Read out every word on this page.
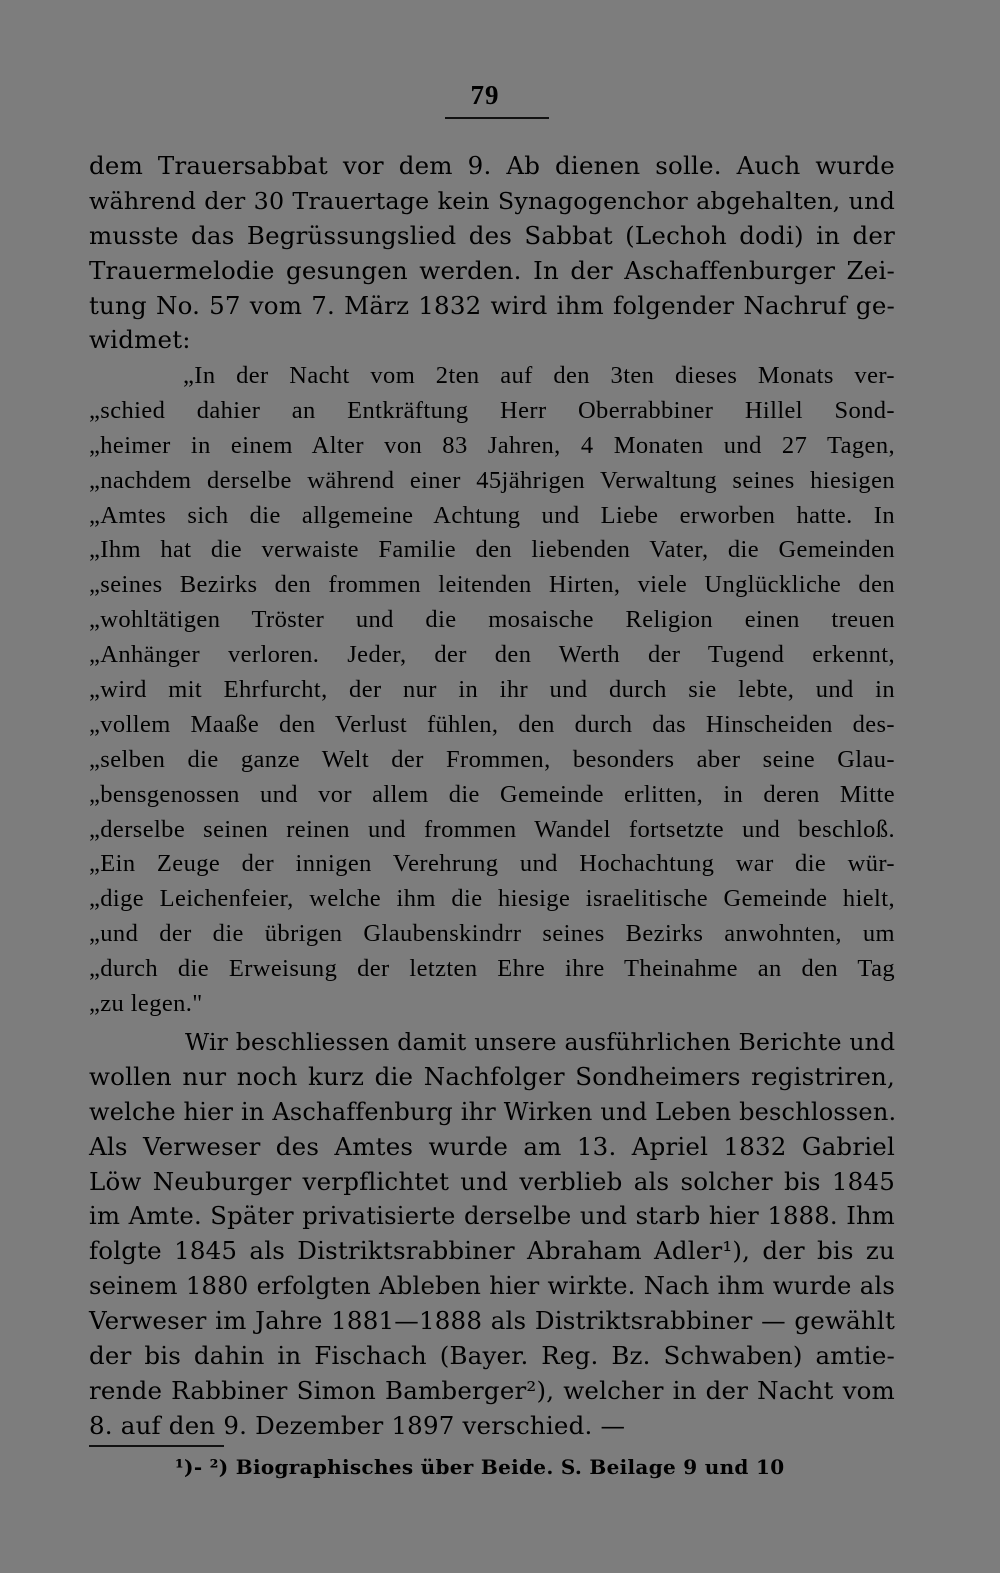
79
dem Trauersabbat vor dem 9. Ab dienen solle. Auch wurde
während der 30 Trauertage kein Synagogenchor abgehalten, und
musste das Begrüssungslied des Sabbat (Lechoh dodi) in der
Trauermelodie gesungen werden. In der Aschaffenburger Zei-
tung No. 57 vom 7. März 1832 wird ihm folgender Nachruf ge-
widmet:
„In der Nacht vom 2ten auf den 3ten dieses Monats ver-
„schied dahier an Entkräftung Herr Oberrabbiner Hillel Sond-
„heimer in einem Alter von 83 Jahren, 4 Monaten und 27 Tagen,
„nachdem derselbe während einer 45jährigen Verwaltung seines hiesigen
„Amtes sich die allgemeine Achtung und Liebe erworben hatte. In
„Ihm hat die verwaiste Familie den liebenden Vater, die Gemeinden
„seines Bezirks den frommen leitenden Hirten, viele Unglückliche den
„wohltätigen Tröster und die mosaische Religion einen treuen
„Anhänger verloren. Jeder, der den Werth der Tugend erkennt,
„wird mit Ehrfurcht, der nur in ihr und durch sie lebte, und in
„vollem Maaße den Verlust fühlen, den durch das Hinscheiden des-
„selben die ganze Welt der Frommen, besonders aber seine Glau-
„bensgenossen und vor allem die Gemeinde erlitten, in deren Mitte
„derselbe seinen reinen und frommen Wandel fortsetzte und beschloß.
„Ein Zeuge der innigen Verehrung und Hochachtung war die wür-
„dige Leichenfeier, welche ihm die hiesige israelitische Gemeinde hielt,
„und der die übrigen Glaubenskindrr seines Bezirks anwohnten, um
„durch die Erweisung der letzten Ehre ihre Theinahme an den Tag
„zu legen."
Wir beschliessen damit unsere ausführlichen Berichte und
wollen nur noch kurz die Nachfolger Sondheimers registriren,
welche hier in Aschaffenburg ihr Wirken und Leben beschlossen.
Als Verweser des Amtes wurde am 13. Apriel 1832 Gabriel
Löw Neuburger verpflichtet und verblieb als solcher bis 1845
im Amte. Später privatisierte derselbe und starb hier 1888. Ihm
folgte 1845 als Distriktsrabbiner Abraham Adler¹), der bis zu
seinem 1880 erfolgten Ableben hier wirkte. Nach ihm wurde als
Verweser im Jahre 1881—1888 als Distriktsrabbiner — gewählt
der bis dahin in Fischach (Bayer. Reg. Bz. Schwaben) amtie-
rende Rabbiner Simon Bamberger²), welcher in der Nacht vom
8. auf den 9. Dezember 1897 verschied. —
¹)- ²) Biographisches über Beide. S. Beilage 9 und 10
